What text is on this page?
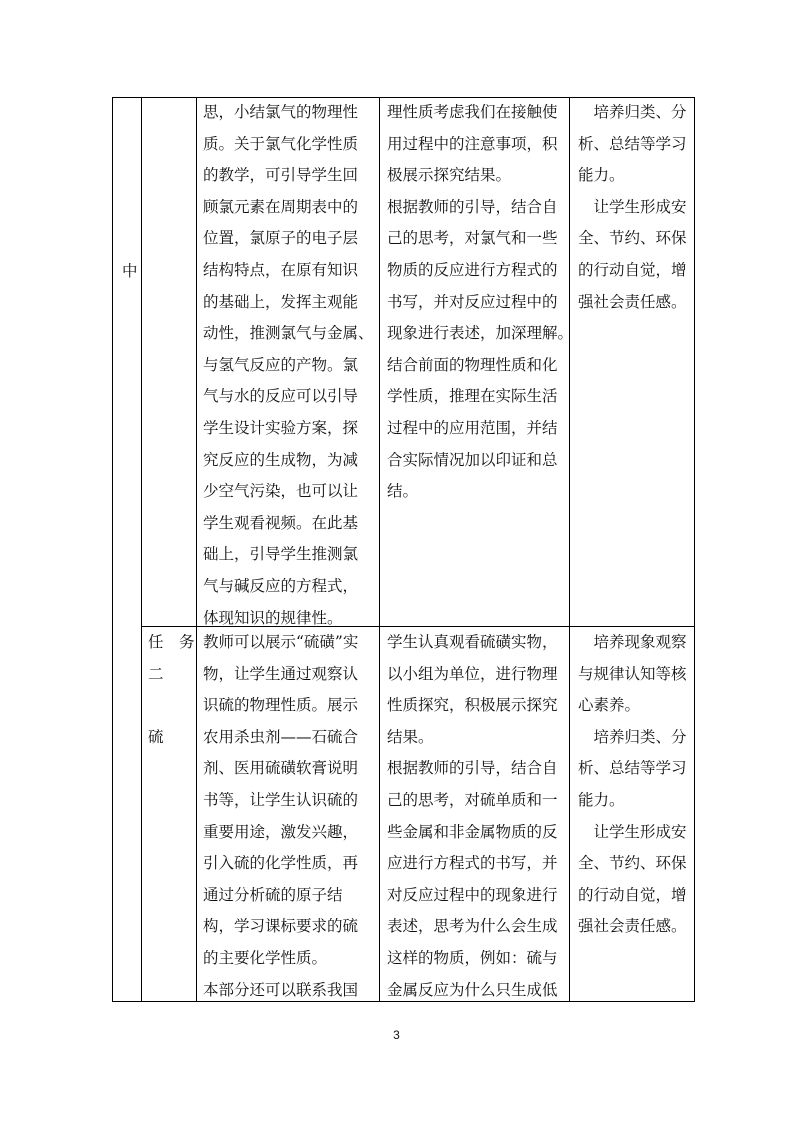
中
思，小结氯气的物理性
质。关于氯气化学性质
的教学，可引导学生回
顾氯元素在周期表中的
位置，氯原子的电子层
结构特点，在原有知识
的基础上，发挥主观能
动性，推测氯气与金属、
与氢气反应的产物。氯
气与水的反应可以引导
学生设计实验方案，探
究反应的生成物，为减
少空气污染，也可以让
学生观看视频。在此基
础上，引导学生推测氯
气与碱反应的方程式，
体现知识的规律性。
理性质考虑我们在接触使
用过程中的注意事项，积
极展示探究结果。
根据教师的引导，结合自
己的思考，对氯气和一些
物质的反应进行方程式的
书写，并对反应过程中的
现象进行表述，加深理解。
结合前面的物理性质和化
学性质，推理在实际生活
过程中的应用范围，并结
合实际情况加以印证和总
结。
　培养归类、分
析、总结等学习
能力。
　让学生形成安
全、节约、环保
的行动自觉，增
强社会责任感。
任　务
二

硫
教师可以展示“硫磺”实
物，让学生通过观察认
识硫的物理性质。展示
农用杀虫剂——石硫合
剂、医用硫磺软膏说明
书等，让学生认识硫的
重要用途，激发兴趣，
引入硫的化学性质，再
通过分析硫的原子结
构，学习课标要求的硫
的主要化学性质。
本部分还可以联系我国
学生认真观看硫磺实物，
以小组为单位，进行物理
性质探究，积极展示探究
结果。
根据教师的引导，结合自
己的思考，对硫单质和一
些金属和非金属物质的反
应进行方程式的书写，并
对反应过程中的现象进行
表述，思考为什么会生成
这样的物质，例如：硫与
金属反应为什么只生成低
　培养现象观察
与规律认知等核
心素养。
　培养归类、分
析、总结等学习
能力。
　让学生形成安
全、节约、环保
的行动自觉，增
强社会责任感。
3
